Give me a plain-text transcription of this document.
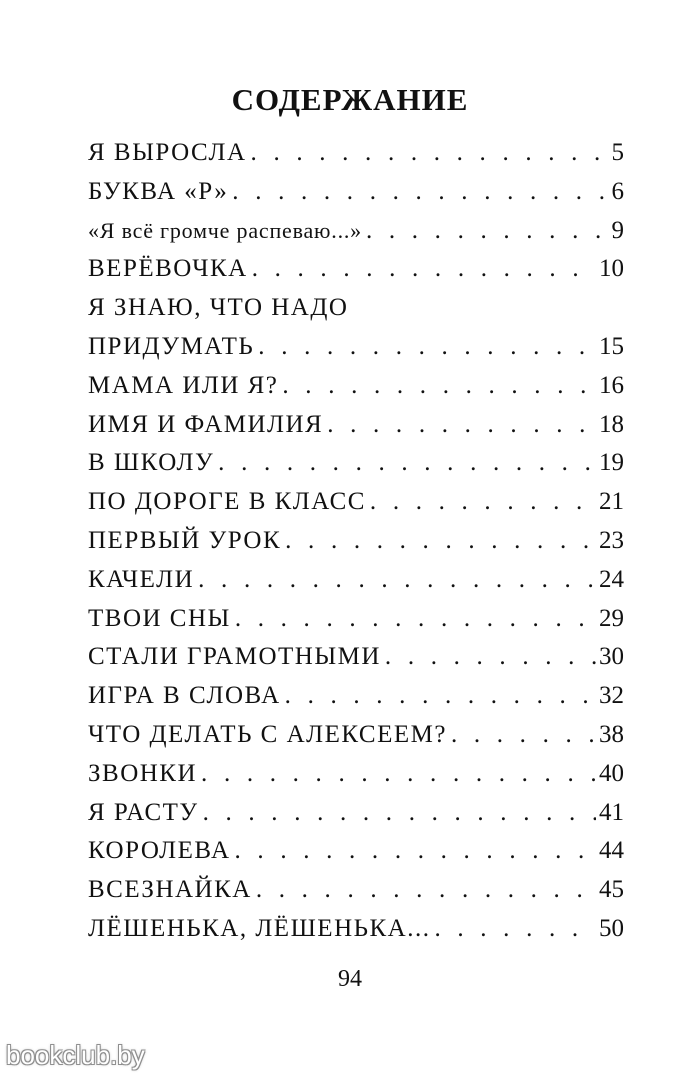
СОДЕРЖАНИЕ
Я ВЫРОСЛА . . .	5
БУКВА «Р» . . .	6
«Я всё громче распеваю...» . . .	9
ВЕРЁВОЧКА . . .	10
Я ЗНАЮ, ЧТО НАДО
ПРИДУМАТЬ . . .	15
МАМА ИЛИ Я? . . .	16
ИМЯ И ФАМИЛИЯ . . .	18
В ШКОЛУ . . .	19
ПО ДОРОГЕ В КЛАСС . . .	21
ПЕРВЫЙ УРОК . . .	23
КАЧЕЛИ . . .	24
ТВОИ СНЫ . . .	29
СТАЛИ ГРАМОТНЫМИ . . .	30
ИГРА В СЛОВА . . .	32
ЧТО ДЕЛАТЬ С АЛЕКСЕЕМ? . . .	38
ЗВОНКИ . . .	40
Я РАСТУ . . .	41
КОРОЛЕВА . . .	44
ВСЕЗНАЙКА . . .	45
ЛЁШЕНЬКА, ЛЁШЕНЬКА... . . .	50
94
bookclub.by
